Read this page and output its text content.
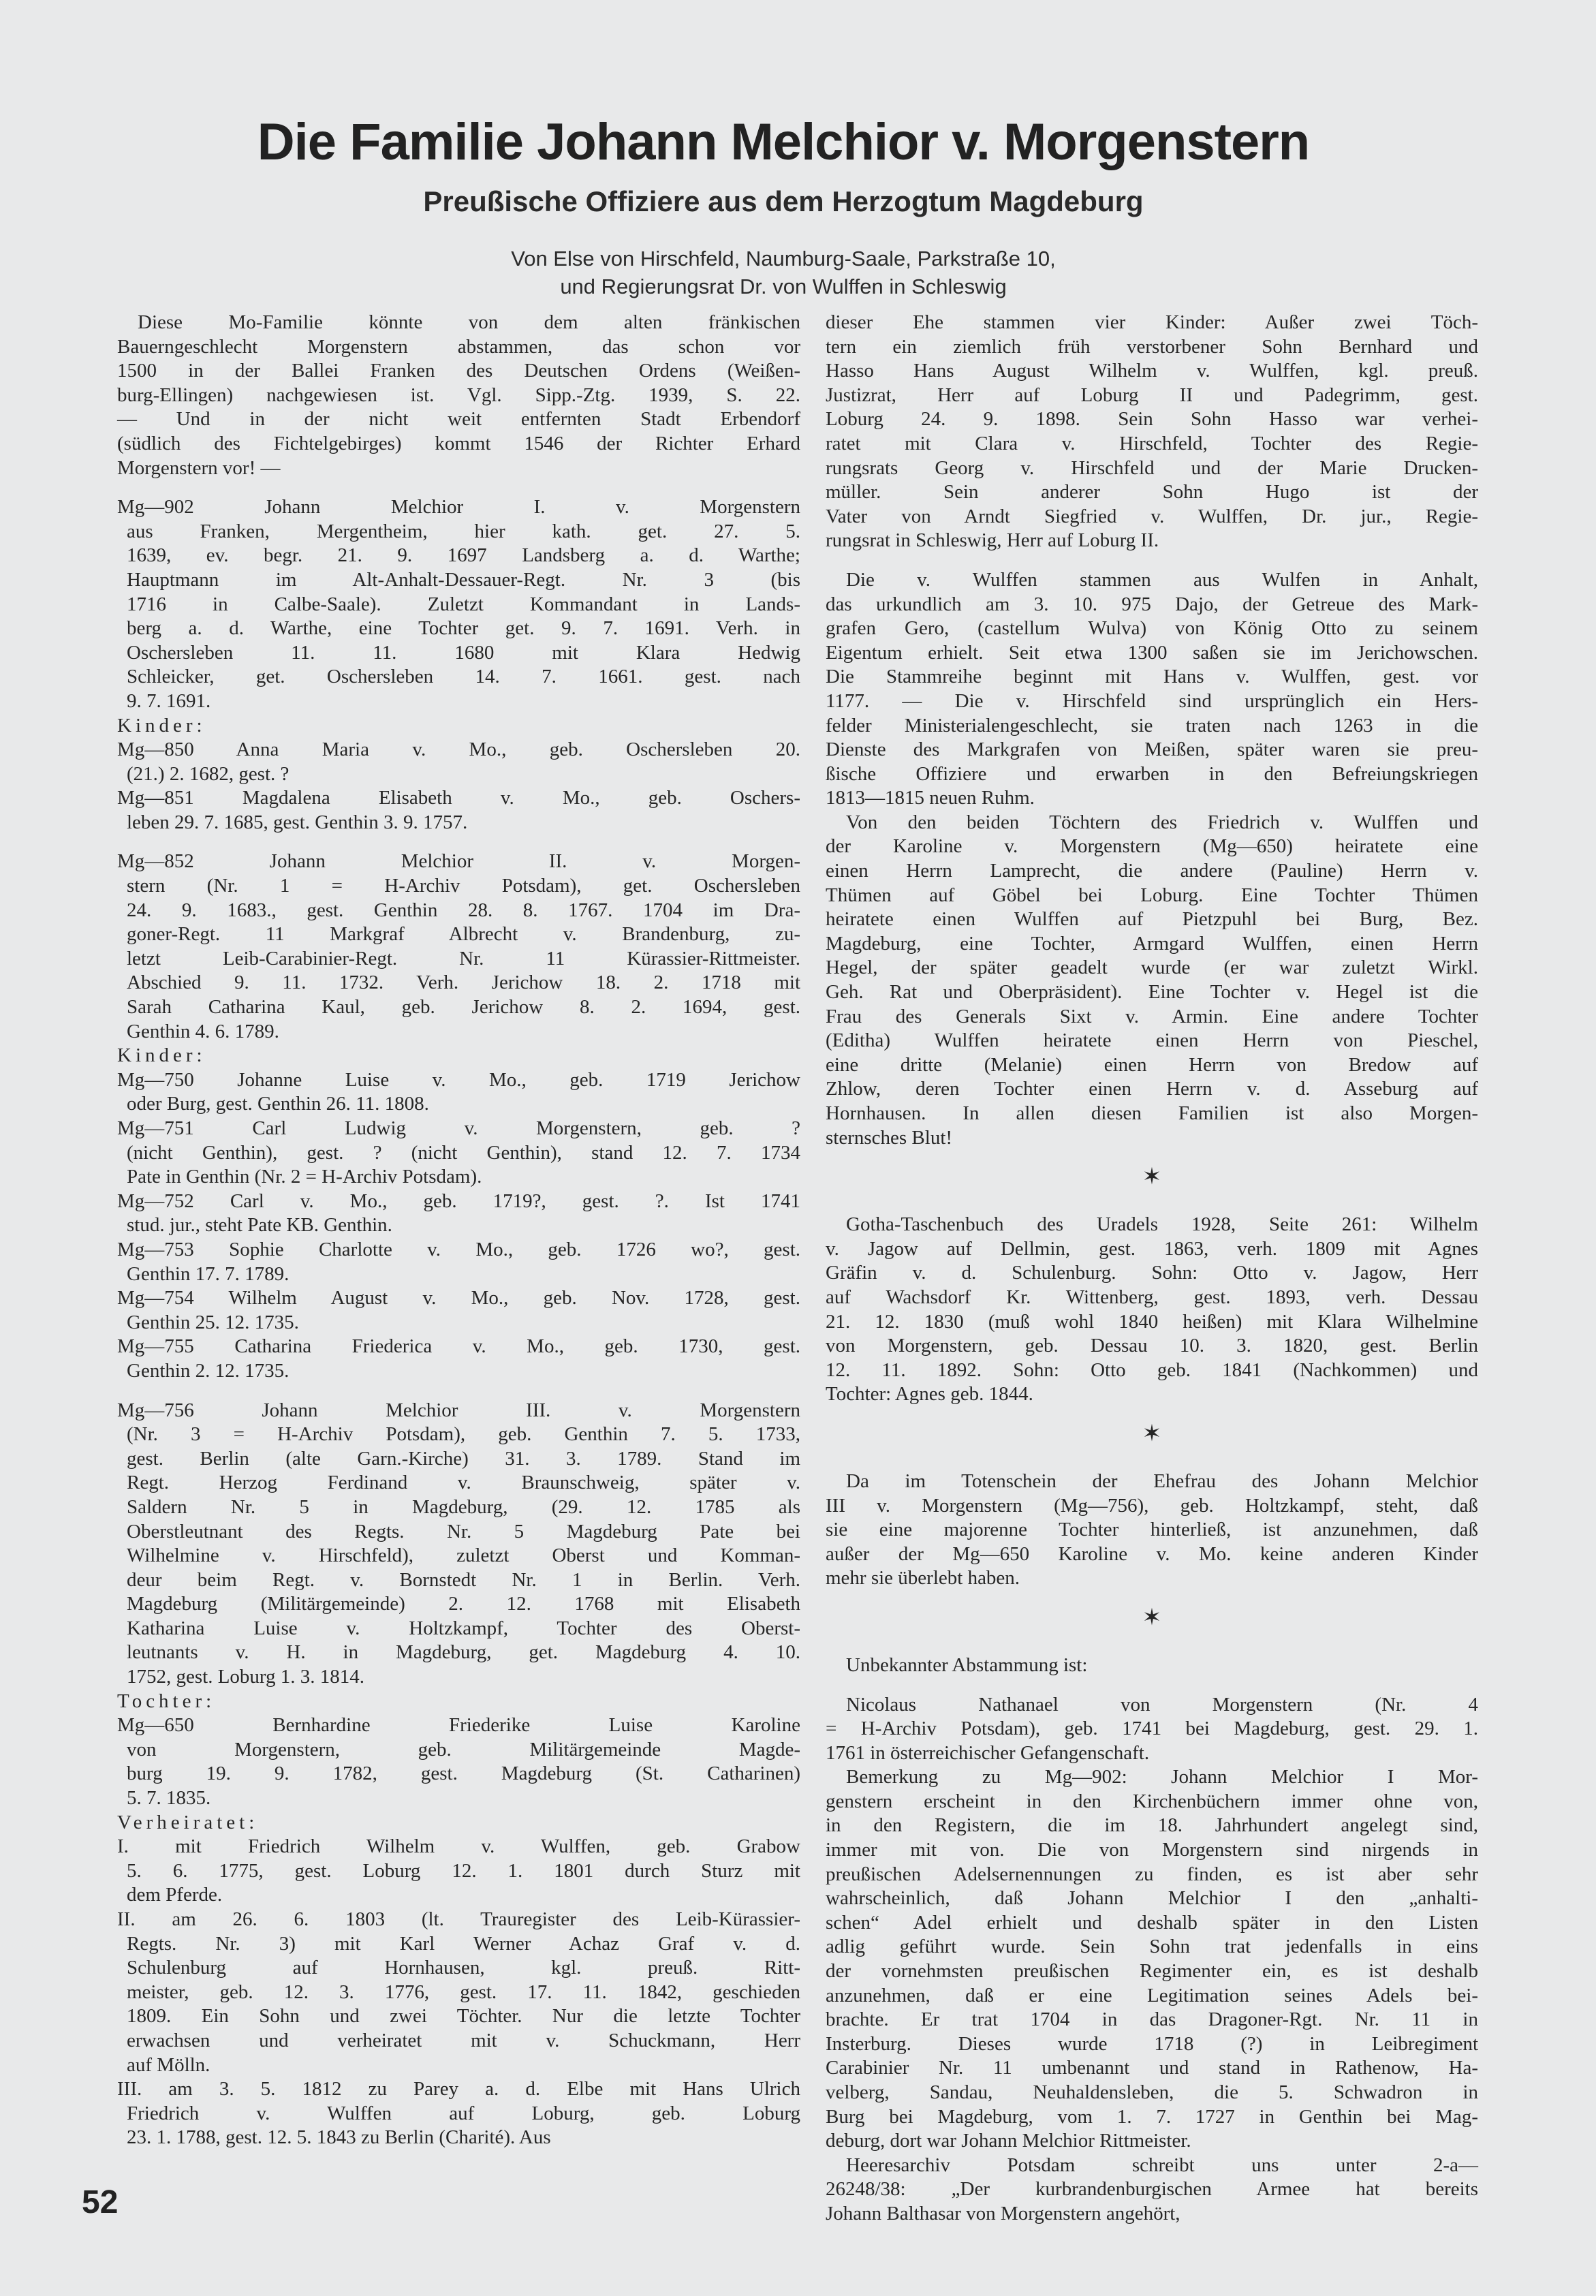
Die Familie Johann Melchior v. Morgenstern
Preußische Offiziere aus dem Herzogtum Magdeburg
Von Else von Hirschfeld, Naumburg-Saale, Parkstraße 10,
und Regierungsrat Dr. von Wulffen in Schleswig
Diese Mo-Familie könnte von dem alten fränkischen
Bauerngeschlecht Morgenstern abstammen, das schon vor
1500 in der Ballei Franken des Deutschen Ordens (Weißen-
burg-Ellingen) nachgewiesen ist. Vgl. Sipp.-Ztg. 1939, S. 22.
— Und in der nicht weit entfernten Stadt Erbendorf
(südlich des Fichtelgebirges) kommt 1546 der Richter Erhard
Morgenstern vor! —
Mg—902 Johann Melchior I. v. Morgenstern
aus Franken, Mergentheim, hier kath. get. 27. 5.
1639, ev. begr. 21. 9. 1697 Landsberg a. d. Warthe;
Hauptmann im Alt-Anhalt-Dessauer-Regt. Nr. 3 (bis
1716 in Calbe-Saale). Zuletzt Kommandant in Lands-
berg a. d. Warthe, eine Tochter get. 9. 7. 1691. Verh. in
Oschersleben 11. 11. 1680 mit Klara Hedwig
Schleicker, get. Oschersleben 14. 7. 1661. gest. nach
9. 7. 1691.
Kinder:
Mg—850 Anna Maria v. Mo., geb. Oschersleben 20.
(21.) 2. 1682, gest. ?
Mg—851 Magdalena Elisabeth v. Mo., geb. Oschers-
leben 29. 7. 1685, gest. Genthin 3. 9. 1757.
Mg—852 Johann Melchior II. v. Morgen-
stern (Nr. 1 = H-Archiv Potsdam), get. Oschersleben
24. 9. 1683., gest. Genthin 28. 8. 1767. 1704 im Dra-
goner-Regt. 11 Markgraf Albrecht v. Brandenburg, zu-
letzt Leib-Carabinier-Regt. Nr. 11 Kürassier-Rittmeister.
Abschied 9. 11. 1732. Verh. Jerichow 18. 2. 1718 mit
Sarah Catharina Kaul, geb. Jerichow 8. 2. 1694, gest.
Genthin 4. 6. 1789.
Kinder:
Mg—750 Johanne Luise v. Mo., geb. 1719 Jerichow
oder Burg, gest. Genthin 26. 11. 1808.
Mg—751 Carl Ludwig v. Morgenstern, geb. ?
(nicht Genthin), gest. ? (nicht Genthin), stand 12. 7. 1734
Pate in Genthin (Nr. 2 = H-Archiv Potsdam).
Mg—752 Carl v. Mo., geb. 1719?, gest. ?. Ist 1741
stud. jur., steht Pate KB. Genthin.
Mg—753 Sophie Charlotte v. Mo., geb. 1726 wo?, gest.
Genthin 17. 7. 1789.
Mg—754 Wilhelm August v. Mo., geb. Nov. 1728, gest.
Genthin 25. 12. 1735.
Mg—755 Catharina Friederica v. Mo., geb. 1730, gest.
Genthin 2. 12. 1735.
Mg—756 Johann Melchior III. v. Morgenstern
(Nr. 3 = H-Archiv Potsdam), geb. Genthin 7. 5. 1733,
gest. Berlin (alte Garn.-Kirche) 31. 3. 1789. Stand im
Regt. Herzog Ferdinand v. Braunschweig, später v.
Saldern Nr. 5 in Magdeburg, (29. 12. 1785 als
Oberstleutnant des Regts. Nr. 5 Magdeburg Pate bei
Wilhelmine v. Hirschfeld), zuletzt Oberst und Komman-
deur beim Regt. v. Bornstedt Nr. 1 in Berlin. Verh.
Magdeburg (Militärgemeinde) 2. 12. 1768 mit Elisabeth
Katharina Luise v. Holtzkampf, Tochter des Oberst-
leutnants v. H. in Magdeburg, get. Magdeburg 4. 10.
1752, gest. Loburg 1. 3. 1814.
Tochter:
Mg—650 Bernhardine Friederike Luise Karoline
von Morgenstern, geb. Militärgemeinde Magde-
burg 19. 9. 1782, gest. Magdeburg (St. Catharinen)
5. 7. 1835.
Verheiratet:
I. mit Friedrich Wilhelm v. Wulffen, geb. Grabow
5. 6. 1775, gest. Loburg 12. 1. 1801 durch Sturz mit
dem Pferde.
II. am 26. 6. 1803 (lt. Trauregister des Leib-Kürassier-
Regts. Nr. 3) mit Karl Werner Achaz Graf v. d.
Schulenburg auf Hornhausen, kgl. preuß. Ritt-
meister, geb. 12. 3. 1776, gest. 17. 11. 1842, geschieden
1809. Ein Sohn und zwei Töchter. Nur die letzte Tochter
erwachsen und verheiratet mit v. Schuckmann, Herr
auf Mölln.
III. am 3. 5. 1812 zu Parey a. d. Elbe mit Hans Ulrich
Friedrich v. Wulffen auf Loburg, geb. Loburg
23. 1. 1788, gest. 12. 5. 1843 zu Berlin (Charité). Aus
dieser Ehe stammen vier Kinder: Außer zwei Töch-
tern ein ziemlich früh verstorbener Sohn Bernhard und
Hasso Hans August Wilhelm v. Wulffen, kgl. preuß.
Justizrat, Herr auf Loburg II und Padegrimm, gest.
Loburg 24. 9. 1898. Sein Sohn Hasso war verhei-
ratet mit Clara v. Hirschfeld, Tochter des Regie-
rungsrats Georg v. Hirschfeld und der Marie Drucken-
müller. Sein anderer Sohn Hugo ist der
Vater von Arndt Siegfried v. Wulffen, Dr. jur., Regie-
rungsrat in Schleswig, Herr auf Loburg II.
Die v. Wulffen stammen aus Wulfen in Anhalt,
das urkundlich am 3. 10. 975 Dajo, der Getreue des Mark-
grafen Gero, (castellum Wulva) von König Otto zu seinem
Eigentum erhielt. Seit etwa 1300 saßen sie im Jerichowschen.
Die Stammreihe beginnt mit Hans v. Wulffen, gest. vor
1177. — Die v. Hirschfeld sind ursprünglich ein Hers-
felder Ministerialengeschlecht, sie traten nach 1263 in die
Dienste des Markgrafen von Meißen, später waren sie preu-
ßische Offiziere und erwarben in den Befreiungskriegen
1813—1815 neuen Ruhm.
Von den beiden Töchtern des Friedrich v. Wulffen und
der Karoline v. Morgenstern (Mg—650) heiratete eine
einen Herrn Lamprecht, die andere (Pauline) Herrn v.
Thümen auf Göbel bei Loburg. Eine Tochter Thümen
heiratete einen Wulffen auf Pietzpuhl bei Burg, Bez.
Magdeburg, eine Tochter, Armgard Wulffen, einen Herrn
Hegel, der später geadelt wurde (er war zuletzt Wirkl.
Geh. Rat und Oberpräsident). Eine Tochter v. Hegel ist die
Frau des Generals Sixt v. Armin. Eine andere Tochter
(Editha) Wulffen heiratete einen Herrn von Pieschel,
eine dritte (Melanie) einen Herrn von Bredow auf
Zhlow, deren Tochter einen Herrn v. d. Asseburg auf
Hornhausen. In allen diesen Familien ist also Morgen-
sternsches Blut!
✶
Gotha-Taschenbuch des Uradels 1928, Seite 261: Wilhelm
v. Jagow auf Dellmin, gest. 1863, verh. 1809 mit Agnes
Gräfin v. d. Schulenburg. Sohn: Otto v. Jagow, Herr
auf Wachsdorf Kr. Wittenberg, gest. 1893, verh. Dessau
21. 12. 1830 (muß wohl 1840 heißen) mit Klara Wilhelmine
von Morgenstern, geb. Dessau 10. 3. 1820, gest. Berlin
12. 11. 1892. Sohn: Otto geb. 1841 (Nachkommen) und
Tochter: Agnes geb. 1844.
✶
Da im Totenschein der Ehefrau des Johann Melchior
III v. Morgenstern (Mg—756), geb. Holtzkampf, steht, daß
sie eine majorenne Tochter hinterließ, ist anzunehmen, daß
außer der Mg—650 Karoline v. Mo. keine anderen Kinder
mehr sie überlebt haben.
✶
Unbekannter Abstammung ist:
Nicolaus Nathanael von Morgenstern (Nr. 4
= H-Archiv Potsdam), geb. 1741 bei Magdeburg, gest. 29. 1.
1761 in österreichischer Gefangenschaft.
Bemerkung zu Mg—902: Johann Melchior I Mor-
genstern erscheint in den Kirchenbüchern immer ohne von,
in den Registern, die im 18. Jahrhundert angelegt sind,
immer mit von. Die von Morgenstern sind nirgends in
preußischen Adelsernennungen zu finden, es ist aber sehr
wahrscheinlich, daß Johann Melchior I den „anhalti-
schen“ Adel erhielt und deshalb später in den Listen
adlig geführt wurde. Sein Sohn trat jedenfalls in eins
der vornehmsten preußischen Regimenter ein, es ist deshalb
anzunehmen, daß er eine Legitimation seines Adels bei-
brachte. Er trat 1704 in das Dragoner-Rgt. Nr. 11 in
Insterburg. Dieses wurde 1718 (?) in Leibregiment
Carabinier Nr. 11 umbenannt und stand in Rathenow, Ha-
velberg, Sandau, Neuhaldensleben, die 5. Schwadron in
Burg bei Magdeburg, vom 1. 7. 1727 in Genthin bei Mag-
deburg, dort war Johann Melchior Rittmeister.
Heeresarchiv Potsdam schreibt uns unter 2-a—
26248/38: „Der kurbrandenburgischen Armee hat bereits
Johann Balthasar von Morgenstern angehört,
52
